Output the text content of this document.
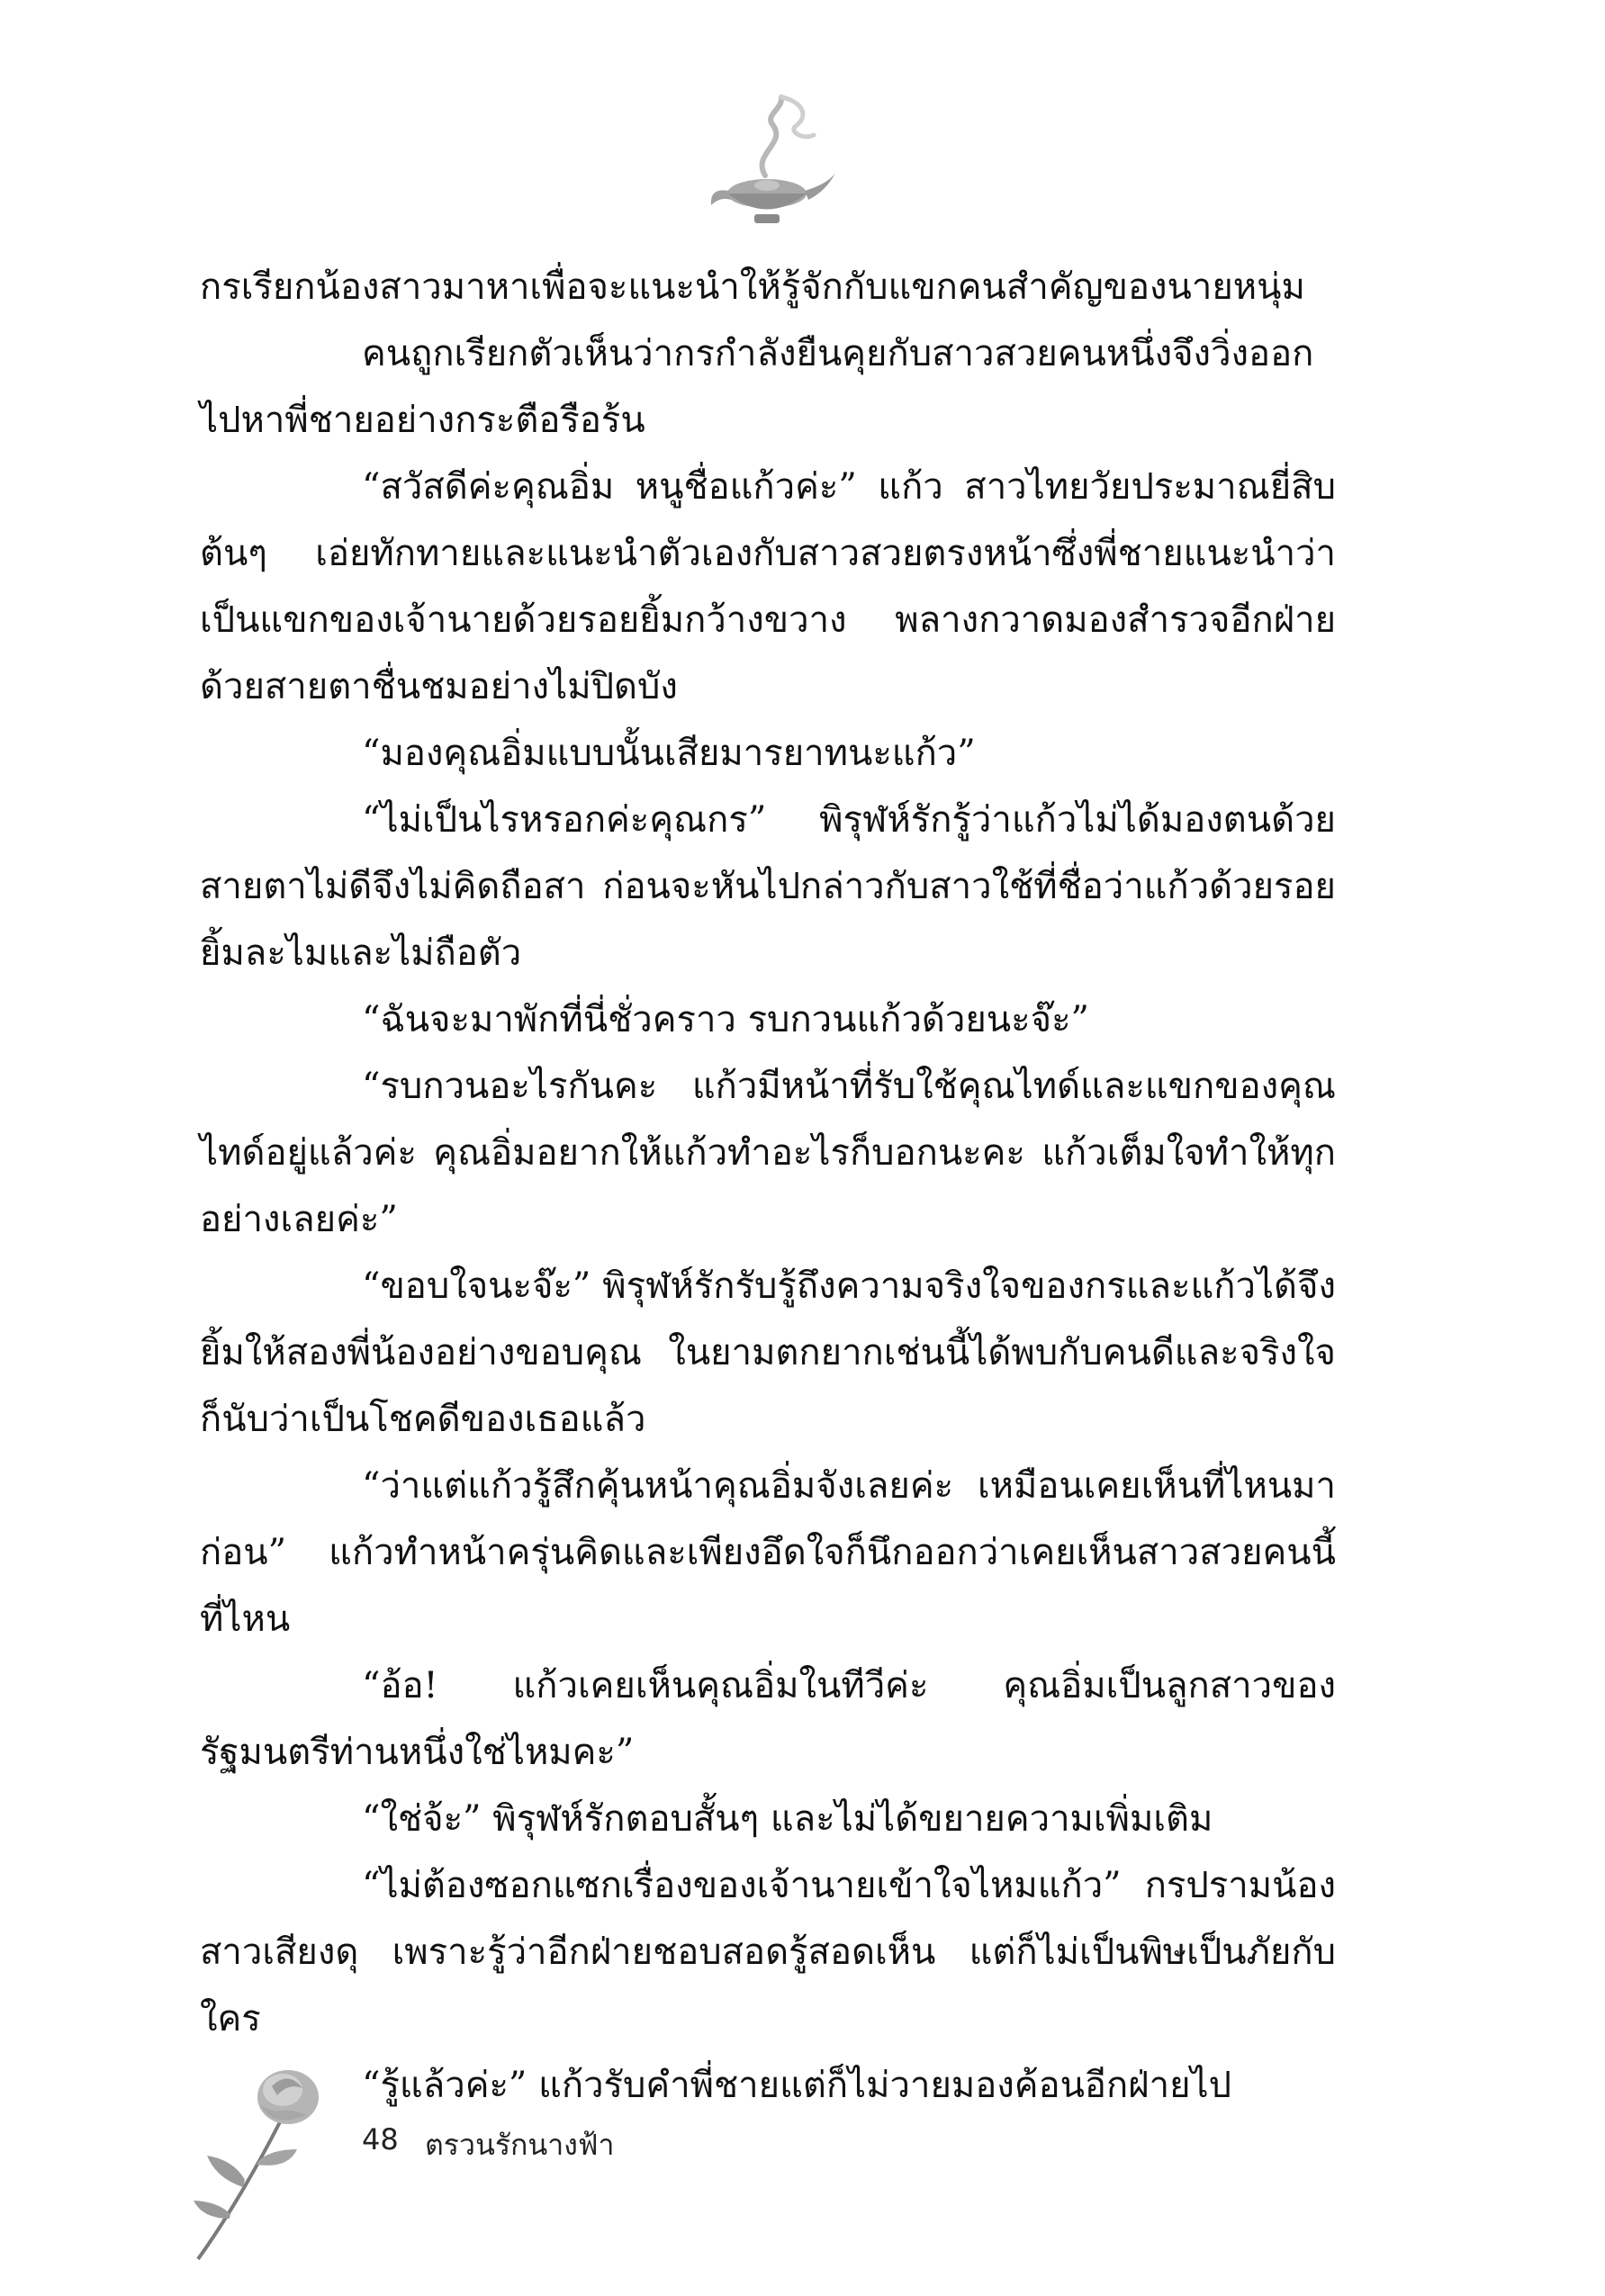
กรเรียกน้องสาวมาหาเพื่อจะแนะนำให้รู้จักกับแขกคนสำคัญของนายหนุ่ม

คนถูกเรียกตัวเห็นว่ากรกำลังยืนคุยกับสาวสวยคนหนึ่งจึงวิ่งออกไปหาพี่ชายอย่างกระตือรือร้น

“สวัสดีค่ะคุณอิ่ม หนูชื่อแก้วค่ะ” แก้ว สาวไทยวัยประมาณยี่สิบต้นๆ เอ่ยทักทายและแนะนำตัวเองกับสาวสวยตรงหน้าซึ่งพี่ชายแนะนำว่าเป็นแขกของเจ้านายด้วยรอยยิ้มกว้างขวาง พลางกวาดมองสำรวจอีกฝ่ายด้วยสายตาชื่นชมอย่างไม่ปิดบัง

“มองคุณอิ่มแบบนั้นเสียมารยาทนะแก้ว”

“ไม่เป็นไรหรอกค่ะคุณกร” พิรุฬห์รักรู้ว่าแก้วไม่ได้มองตนด้วยสายตาไม่ดีจึงไม่คิดถือสา ก่อนจะหันไปกล่าวกับสาวใช้ที่ชื่อว่าแก้วด้วยรอยยิ้มละไมและไม่ถือตัว

“ฉันจะมาพักที่นี่ชั่วคราว รบกวนแก้วด้วยนะจ๊ะ”

“รบกวนอะไรกันคะ แก้วมีหน้าที่รับใช้คุณไทด์และแขกของคุณไทด์อยู่แล้วค่ะ คุณอิ่มอยากให้แก้วทำอะไรก็บอกนะคะ แก้วเต็มใจทำให้ทุกอย่างเลยค่ะ”

“ขอบใจนะจ๊ะ” พิรุฬห์รักรับรู้ถึงความจริงใจของกรและแก้วได้จึงยิ้มให้สองพี่น้องอย่างขอบคุณ ในยามตกยากเช่นนี้ได้พบกับคนดีและจริงใจก็นับว่าเป็นโชคดีของเธอแล้ว

“ว่าแต่แก้วรู้สึกคุ้นหน้าคุณอิ่มจังเลยค่ะ เหมือนเคยเห็นที่ไหนมาก่อน” แก้วทำหน้าครุ่นคิดและเพียงอึดใจก็นึกออกว่าเคยเห็นสาวสวยคนนี้ที่ไหน

“อ้อ! แก้วเคยเห็นคุณอิ่มในทีวีค่ะ คุณอิ่มเป็นลูกสาวของรัฐมนตรีท่านหนึ่งใช่ไหมคะ”

“ใช่จ้ะ” พิรุฬห์รักตอบสั้นๆ และไม่ได้ขยายความเพิ่มเติม

“ไม่ต้องซอกแซกเรื่องของเจ้านายเข้าใจไหมแก้ว” กรปรามน้องสาวเสียงดุ เพราะรู้ว่าอีกฝ่ายชอบสอดรู้สอดเห็น แต่ก็ไม่เป็นพิษเป็นภัยกับใคร

“รู้แล้วค่ะ” แก้วรับคำพี่ชายแต่ก็ไม่วายมองค้อนอีกฝ่ายไป

48 ตรวนรักนางฟ้า
